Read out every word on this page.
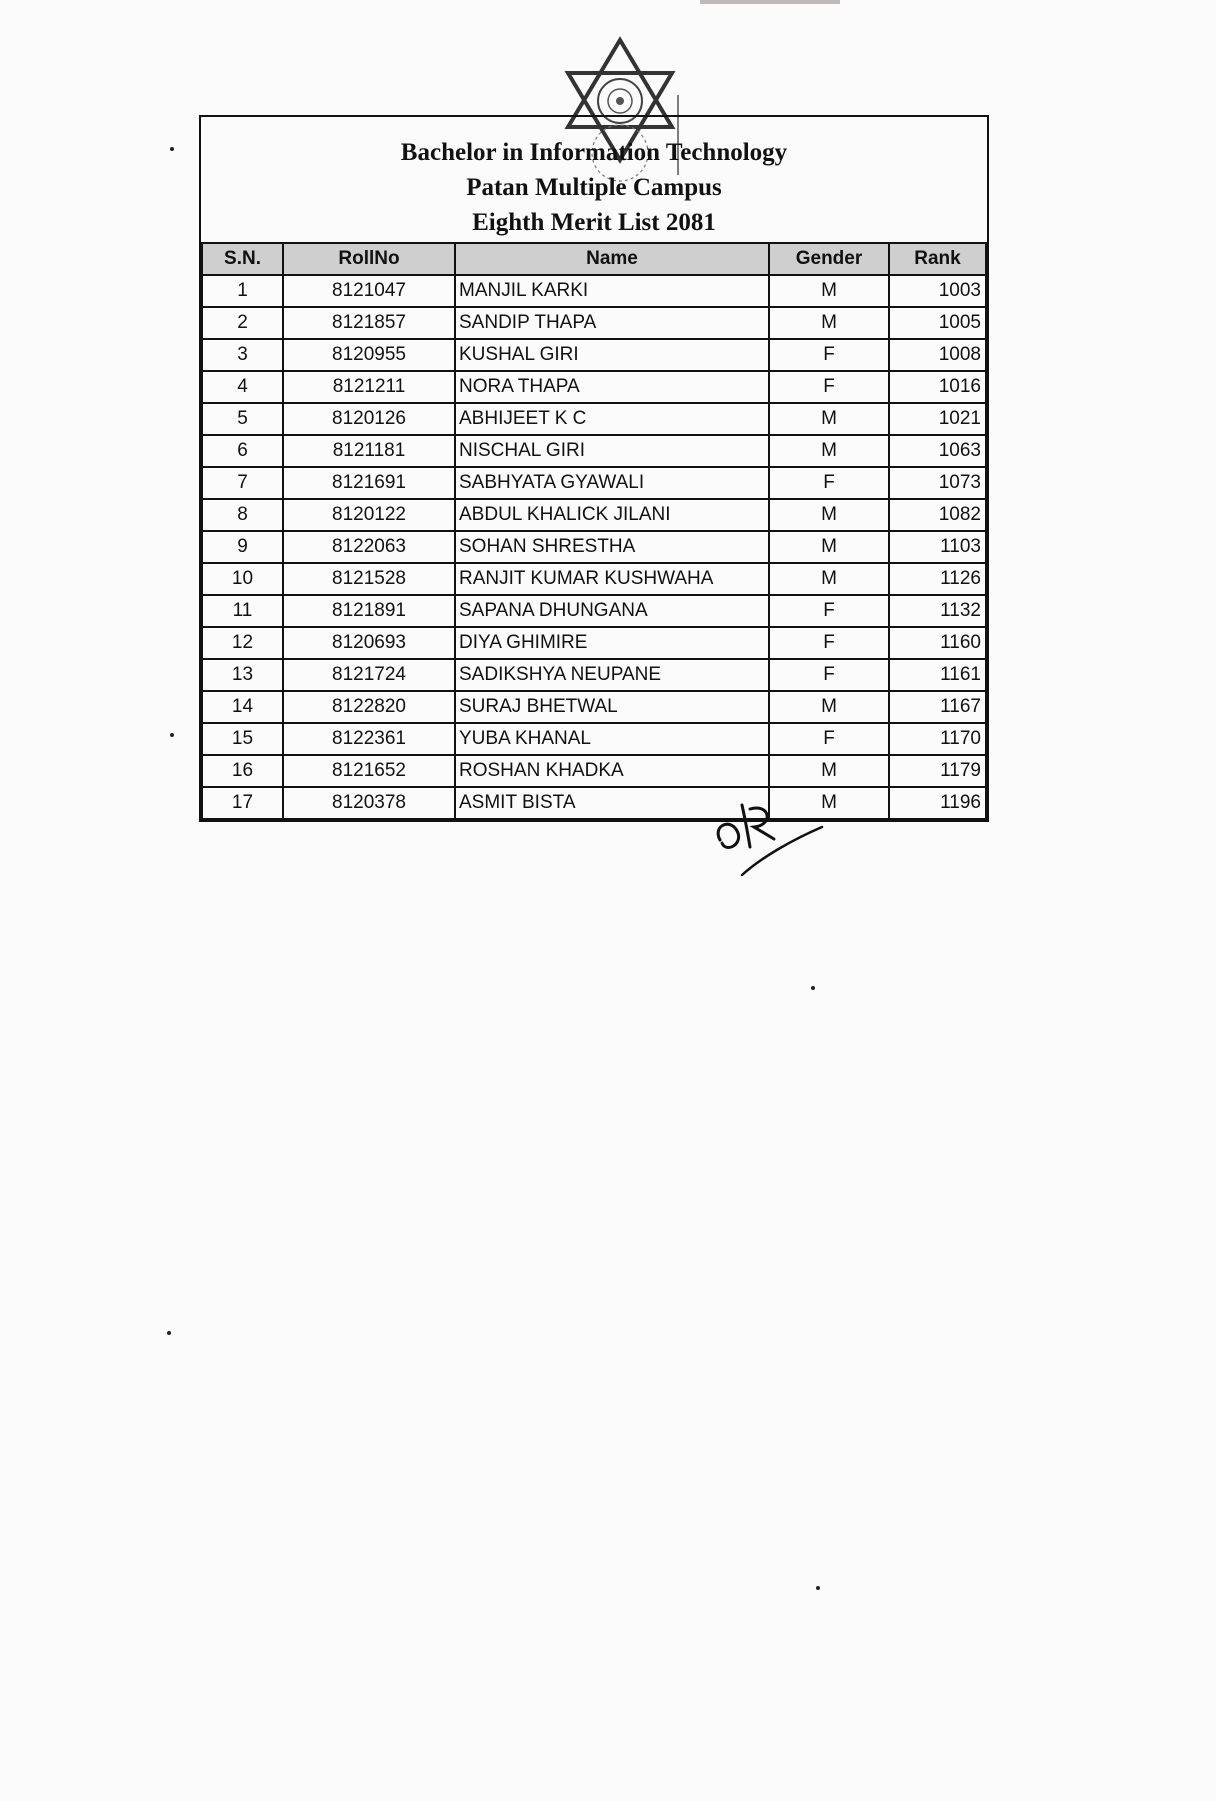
Bachelor in Information Technology
Patan Multiple Campus
Eighth Merit List 2081
S.N.	RollNo	Name	Gender	Rank
1	8121047	MANJIL KARKI	M	1003
2	8121857	SANDIP THAPA	M	1005
3	8120955	KUSHAL GIRI	F	1008
4	8121211	NORA THAPA	F	1016
5	8120126	ABHIJEET K C	M	1021
6	8121181	NISCHAL GIRI	M	1063
7	8121691	SABHYATA GYAWALI	F	1073
8	8120122	ABDUL KHALICK JILANI	M	1082
9	8122063	SOHAN SHRESTHA	M	1103
10	8121528	RANJIT KUMAR KUSHWAHA	M	1126
11	8121891	SAPANA DHUNGANA	F	1132
12	8120693	DIYA GHIMIRE	F	1160
13	8121724	SADIKSHYA NEUPANE	F	1161
14	8122820	SURAJ BHETWAL	M	1167
15	8122361	YUBA KHANAL	F	1170
16	8121652	ROSHAN KHADKA	M	1179
17	8120378	ASMIT BISTA	M	1196
